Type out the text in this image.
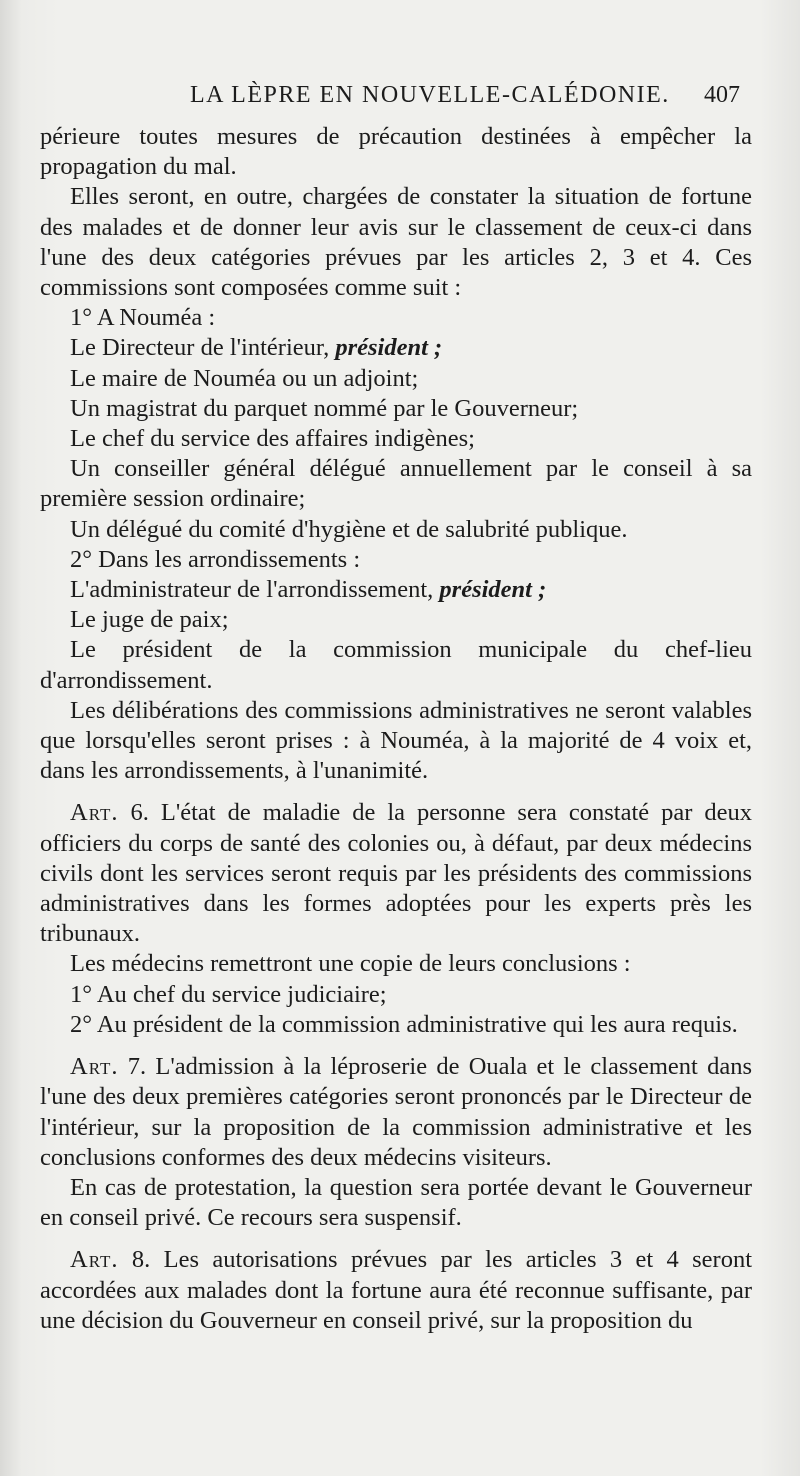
LA LÈPRE EN NOUVELLE-CALÉDONIE. 407

périeure toutes mesures de précaution destinées à empêcher la propagation du mal.

Elles seront, en outre, chargées de constater la situation de fortune des malades et de donner leur avis sur le classement de ceux-ci dans l'une des deux catégories prévues par les articles 2, 3 et 4. Ces commissions sont composées comme suit :

1° A Nouméa :

Le Directeur de l'intérieur, président ;

Le maire de Nouméa ou un adjoint;

Un magistrat du parquet nommé par le Gouverneur;

Le chef du service des affaires indigènes;

Un conseiller général délégué annuellement par le conseil à sa première session ordinaire;

Un délégué du comité d'hygiène et de salubrité publique.

2° Dans les arrondissements :

L'administrateur de l'arrondissement, président ;

Le juge de paix;

Le président de la commission municipale du chef-lieu d'arrondissement.

Les délibérations des commissions administratives ne seront valables que lorsqu'elles seront prises : à Nouméa, à la majorité de 4 voix et, dans les arrondissements, à l'unanimité.

Art. 6. L'état de maladie de la personne sera constaté par deux officiers du corps de santé des colonies ou, à défaut, par deux médecins civils dont les services seront requis par les présidents des commissions administratives dans les formes adoptées pour les experts près les tribunaux.

Les médecins remettront une copie de leurs conclusions :

1° Au chef du service judiciaire;

2° Au président de la commission administrative qui les aura requis.

Art. 7. L'admission à la léproserie de Ouala et le classement dans l'une des deux premières catégories seront prononcés par le Directeur de l'intérieur, sur la proposition de la commission administrative et les conclusions conformes des deux médecins visiteurs.

En cas de protestation, la question sera portée devant le Gouverneur en conseil privé. Ce recours sera suspensif.

Art. 8. Les autorisations prévues par les articles 3 et 4 seront accordées aux malades dont la fortune aura été reconnue suffisante, par une décision du Gouverneur en conseil privé, sur la proposition du
